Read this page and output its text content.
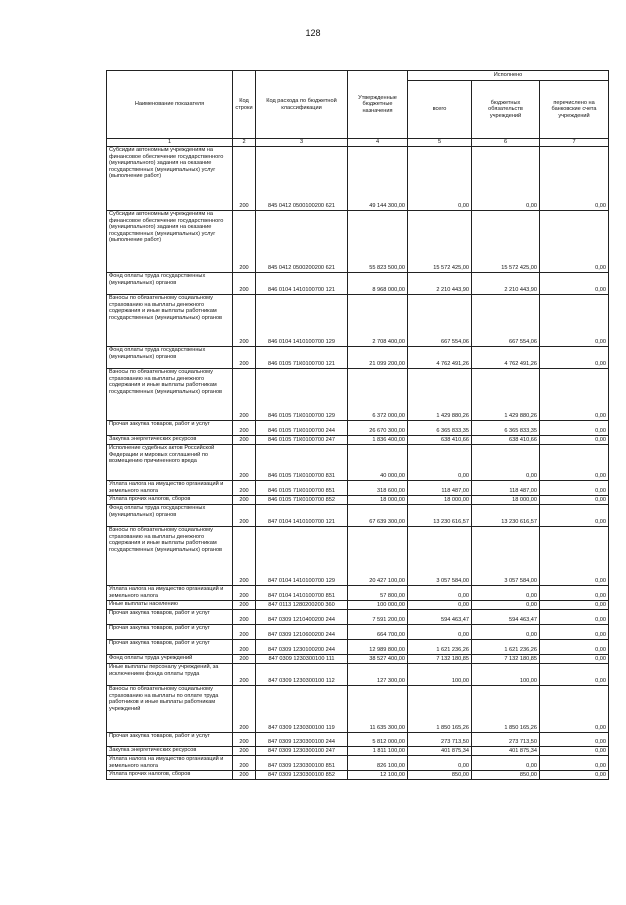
128
Наименование показателя	Код строки	Код расхода по бюджетной классификации	Утвержденные бюджетные назначения	Исполнено		
				всего	бюджетных обязательств учреждений	перечислено на банковские счета учреждений
1	2	3	4	5	6	7
Субсидии автономным учреждениям на финансовое обеспечение государственного (муниципального) задания на оказание государственных (муниципальных) услуг (выполнение работ)	200	845 0412 0500100200 621	49 144 300,00	0,00	0,00	0,00
Субсидии автономным учреждениям на финансовое обеспечение государственного (муниципального) задания на оказание государственных (муниципальных) услуг (выполнение работ)	200	845 0412 0500200200 621	55 823 500,00	15 572 425,00	15 572 425,00	0,00
Фонд оплаты труда государственных (муниципальных) органов	200	846 0104 1410100700 121	8 968 000,00	2 210 443,90	2 210 443,90	0,00
Взносы по обязательному социальному страхованию на выплаты денежного содержания и иные выплаты работникам государственных (муниципальных) органов	200	846 0104 1410100700 129	2 708 400,00	667 554,06	667 554,06	0,00
Фонд оплаты труда государственных (муниципальных) органов	200	846 0105 71К0100700 121	21 099 200,00	4 762 491,26	4 762 491,26	0,00
Взносы по обязательному социальному страхованию на выплаты денежного содержания и иные выплаты работникам государственных (муниципальных) органов	200	846 0105 71К0100700 129	6 372 000,00	1 429 880,26	1 429 880,26	0,00
Прочая закупка товаров, работ и услуг	200	846 0105 71К0100700 244	26 670 300,00	6 365 833,35	6 365 833,35	0,00
Закупка энергетических ресурсов	200	846 0105 71К0100700 247	1 836 400,00	638 410,66	638 410,66	0,00
Исполнение судебных актов Российской Федерации и мировых соглашений по возмещению причиненного вреда	200	846 0105 71К0100700 831	40 000,00	0,00	0,00	0,00
Уплата налога на имущество организаций и земельного налога	200	846 0105 71К0100700 851	318 600,00	118 487,00	118 487,00	0,00
Уплата прочих налогов, сборов	200	846 0105 71К0100700 852	18 000,00	18 000,00	18 000,00	0,00
Фонд оплаты труда государственных (муниципальных) органов	200	847 0104 1410100700 121	67 639 300,00	13 230 616,57	13 230 616,57	0,00
Взносы по обязательному социальному страхованию на выплаты денежного содержания и иные выплаты работникам государственных (муниципальных) органов	200	847 0104 1410100700 129	20 427 100,00	3 057 584,00	3 057 584,00	0,00
Уплата налога на имущество организаций и земельного налога	200	847 0104 1410100700 851	57 800,00	0,00	0,00	0,00
Иные выплаты населению	200	847 0113 1280200200 360	100 000,00	0,00	0,00	0,00
Прочая закупка товаров, работ и услуг	200	847 0309 1210400200 244	7 591 200,00	594 463,47	594 463,47	0,00
Прочая закупка товаров, работ и услуг	200	847 0309 1210600200 244	664 700,00	0,00	0,00	0,00
Прочая закупка товаров, работ и услуг	200	847 0309 1230100200 244	12 989 800,00	1 621 236,26	1 621 236,26	0,00
Фонд оплаты труда учреждений	200	847 0309 1230300100 111	38 527 400,00	7 132 180,85	7 132 180,85	0,00
Иные выплаты персоналу учреждений, за исключением фонда оплаты труда	200	847 0309 1230300100 112	127 300,00	100,00	100,00	0,00
Взносы по обязательному социальному страхованию на выплаты по оплате труда работников и иные выплаты работникам учреждений	200	847 0309 1230300100 119	11 635 300,00	1 850 165,26	1 850 165,26	0,00
Прочая закупка товаров, работ и услуг	200	847 0309 1230300100 244	5 812 000,00	273 713,50	273 713,50	0,00
Закупка энергетических ресурсов	200	847 0309 1230300100 247	1 811 100,00	401 875,34	401 875,34	0,00
Уплата налога на имущество организаций и земельного налога	200	847 0309 1230300100 851	826 100,00	0,00	0,00	0,00
Уплата прочих налогов, сборов	200	847 0309 1230300100 852	12 100,00	850,00	850,00	0,00
